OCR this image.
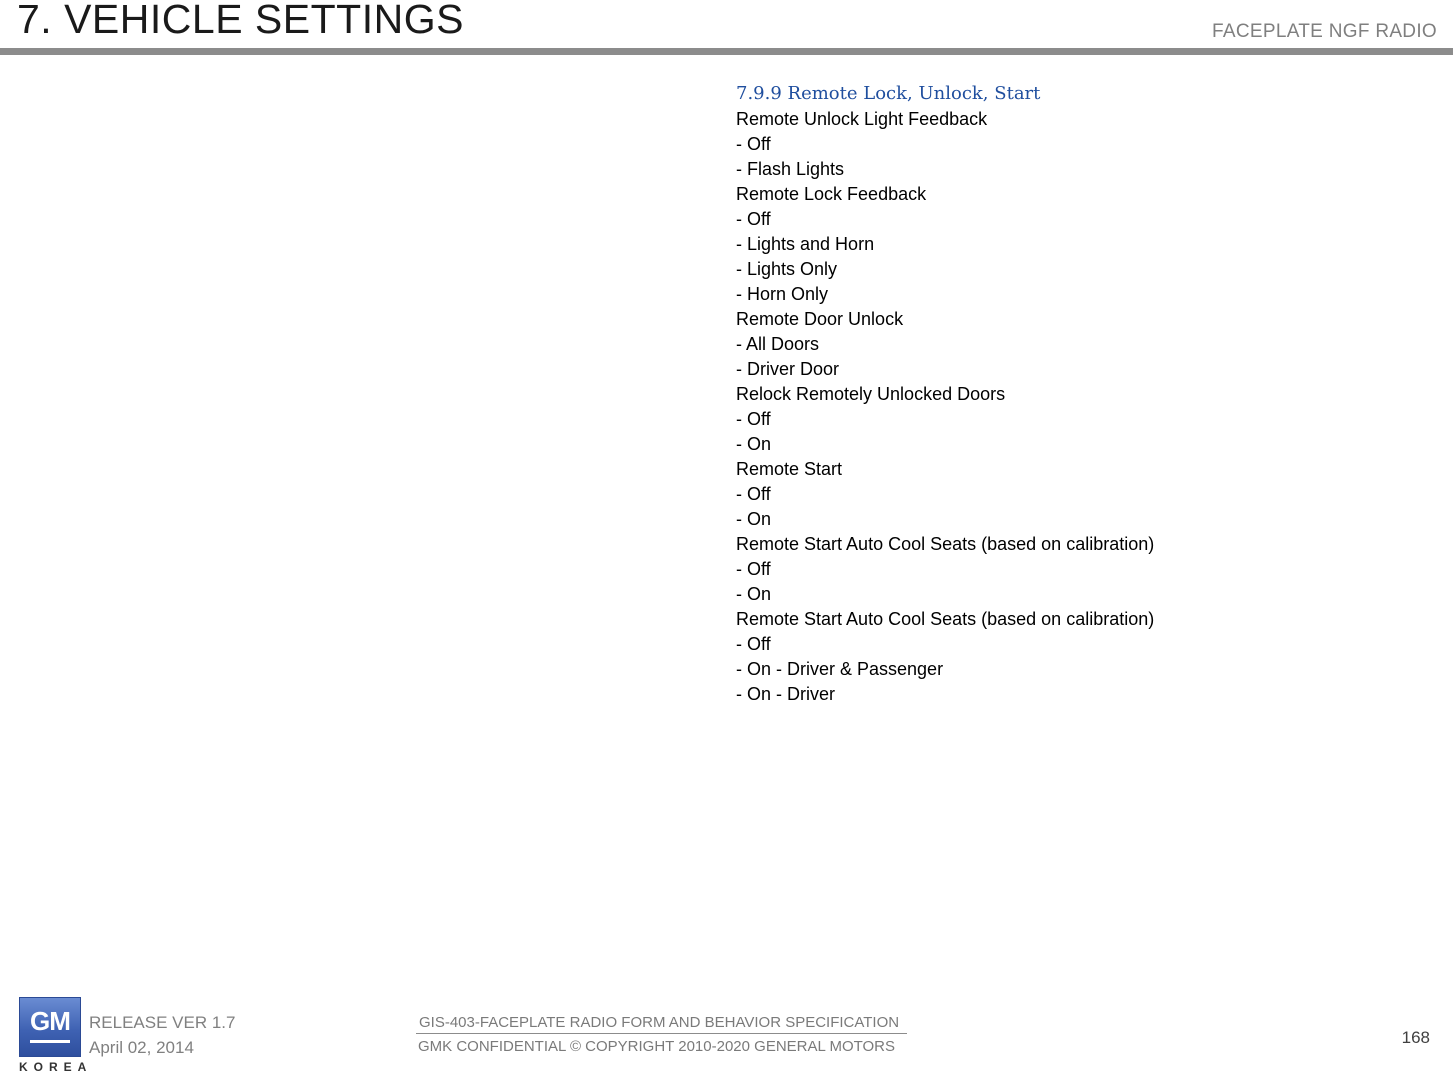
7. VEHICLE SETTINGS	FACEPLATE NGF RADIO
7.9.9 Remote Lock, Unlock, Start
Remote Unlock Light Feedback
- Off
- Flash Lights
Remote Lock Feedback
- Off
- Lights and Horn
- Lights Only
- Horn Only
Remote Door Unlock
- All Doors
- Driver Door
Relock Remotely Unlocked Doors
- Off
- On
Remote Start
- Off
- On
Remote Start Auto Cool Seats (based on calibration)
- Off
- On
Remote Start Auto Cool Seats (based on calibration)
- Off
- On - Driver & Passenger
- On - Driver
GM
KOREA
RELEASE VER 1.7
April 02, 2014
GIS-403-FACEPLATE RADIO FORM AND BEHAVIOR SPECIFICATION
GMK CONFIDENTIAL © COPYRIGHT 2010-2020 GENERAL MOTORS	168
